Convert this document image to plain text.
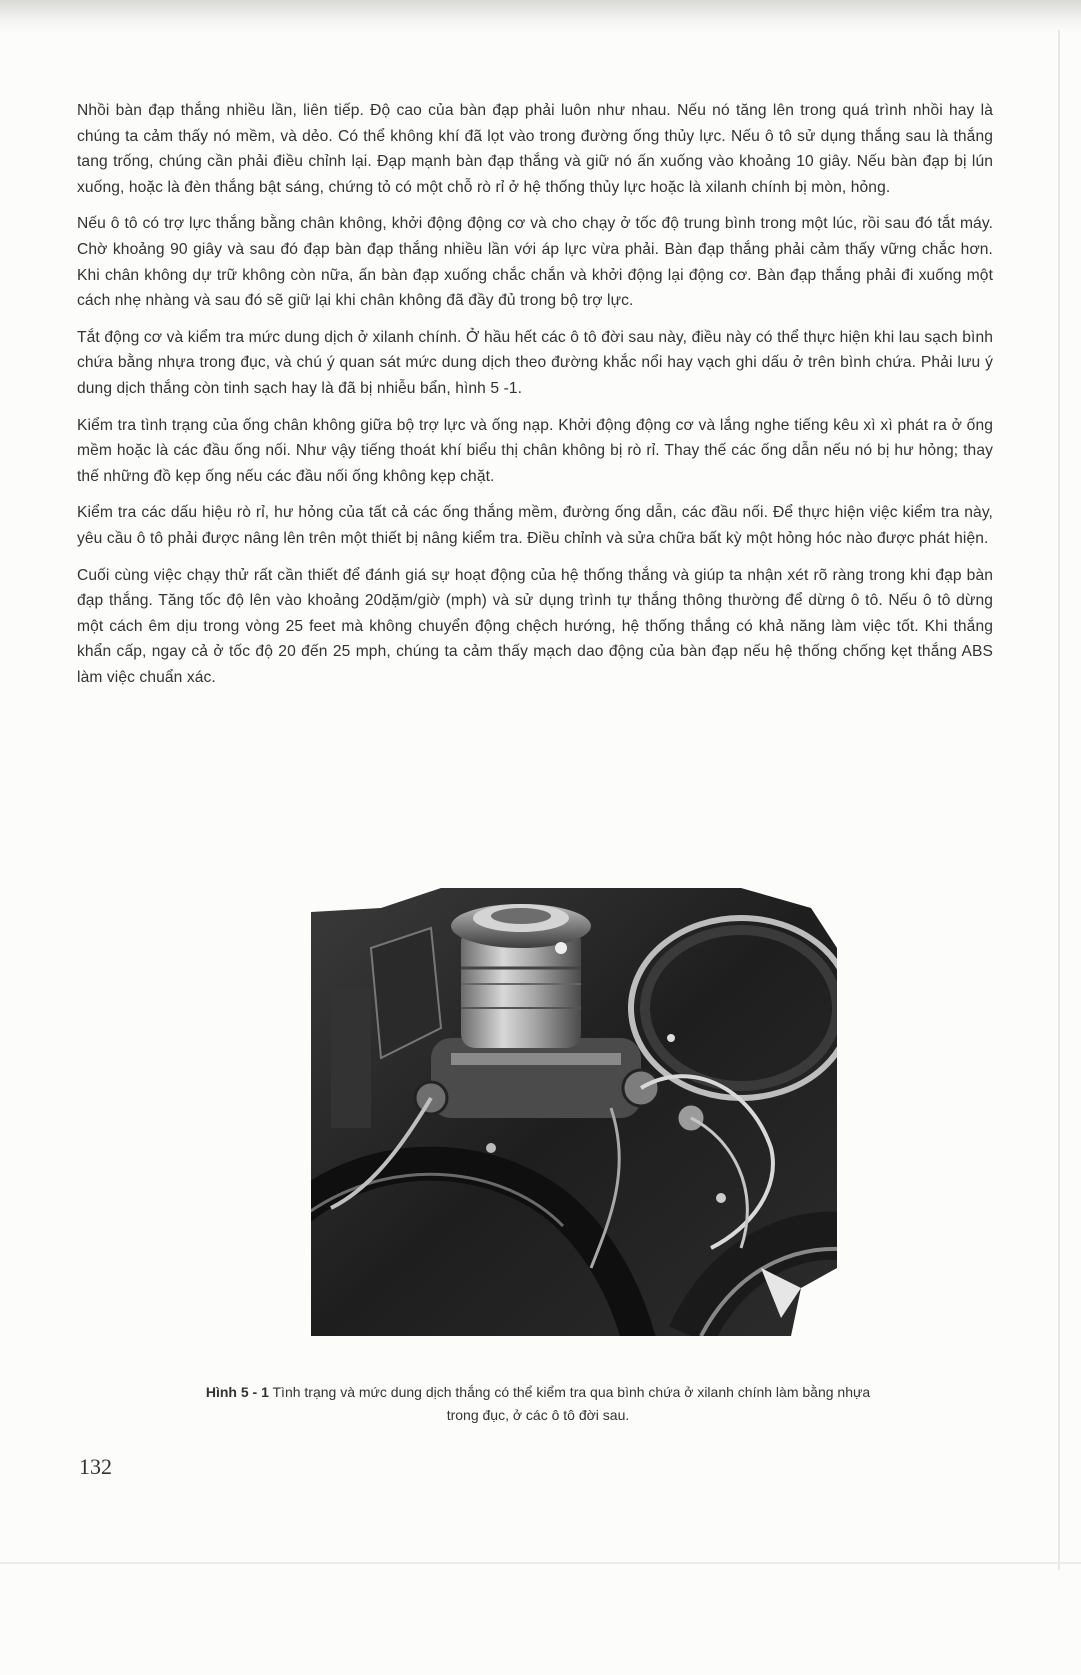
Nhồi bàn đạp thắng nhiều lần, liên tiếp. Độ cao của bàn đạp phải luôn như nhau. Nếu nó tăng lên trong quá trình nhồi hay là chúng ta cảm thấy nó mềm, và dẻo. Có thể không khí đã lọt vào trong đường ống thủy lực. Nếu ô tô sử dụng thắng sau là thắng tang trống, chúng cần phải điều chỉnh lại. Đạp mạnh bàn đạp thắng và giữ nó ấn xuống vào khoảng 10 giây. Nếu bàn đạp bị lún xuống, hoặc là đèn thắng bật sáng, chứng tỏ có một chỗ rò rỉ ở hệ thống thủy lực hoặc là xilanh chính bị mòn, hỏng.

Nếu ô tô có trợ lực thắng bằng chân không, khởi động động cơ và cho chạy ở tốc độ trung bình trong một lúc, rồi sau đó tắt máy. Chờ khoảng 90 giây và sau đó đạp bàn đạp thắng nhiều lần với áp lực vừa phải. Bàn đạp thắng phải cảm thấy vững chắc hơn. Khi chân không dự trữ không còn nữa, ấn bàn đạp xuống chắc chắn và khởi động lại động cơ. Bàn đạp thắng phải đi xuống một cách nhẹ nhàng và sau đó sẽ giữ lại khi chân không đã đầy đủ trong bộ trợ lực.

Tắt động cơ và kiểm tra mức dung dịch ở xilanh chính. Ở hầu hết các ô tô đời sau này, điều này có thể thực hiện khi lau sạch bình chứa bằng nhựa trong đục, và chú ý quan sát mức dung dịch theo đường khắc nổi hay vạch ghi dấu ở trên bình chứa. Phải lưu ý dung dịch thắng còn tinh sạch hay là đã bị nhiễu bẩn, hình 5 -1.

Kiểm tra tình trạng của ống chân không giữa bộ trợ lực và ống nạp. Khởi động động cơ và lắng nghe tiếng kêu xì xì phát ra ở ống mềm hoặc là các đầu ống nối. Như vậy tiếng thoát khí biểu thị chân không bị rò rỉ. Thay thế các ống dẫn nếu nó bị hư hỏng; thay thế những đồ kẹp ống nếu các đầu nối ống không kẹp chặt.

Kiểm tra các dấu hiệu rò rỉ, hư hỏng của tất cả các ống thắng mềm, đường ống dẫn, các đầu nối. Để thực hiện việc kiểm tra này, yêu cầu ô tô phải được nâng lên trên một thiết bị nâng kiểm tra. Điều chỉnh và sửa chữa bất kỳ một hỏng hóc nào được phát hiện.

Cuối cùng việc chạy thử rất cần thiết để đánh giá sự hoạt động của hệ thống thắng và giúp ta nhận xét rõ ràng trong khi đạp bàn đạp thắng. Tăng tốc độ lên vào khoảng 20dặm/giờ (mph) và sử dụng trình tự thắng thông thường để dừng ô tô. Nếu ô tô dừng một cách êm dịu trong vòng 25 feet mà không chuyển động chệch hướng, hệ thống thắng có khả năng làm việc tốt. Khi thắng khẩn cấp, ngay cả ở tốc độ 20 đến 25 mph, chúng ta cảm thấy mạch dao động của bàn đạp nếu hệ thống chống kẹt thắng ABS làm việc chuẩn xác.

Hình 5 - 1 Tình trạng và mức dung dịch thắng có thể kiểm tra qua bình chứa ở xilanh chính làm bằng nhựa
trong đục, ở các ô tô đời sau.
132
